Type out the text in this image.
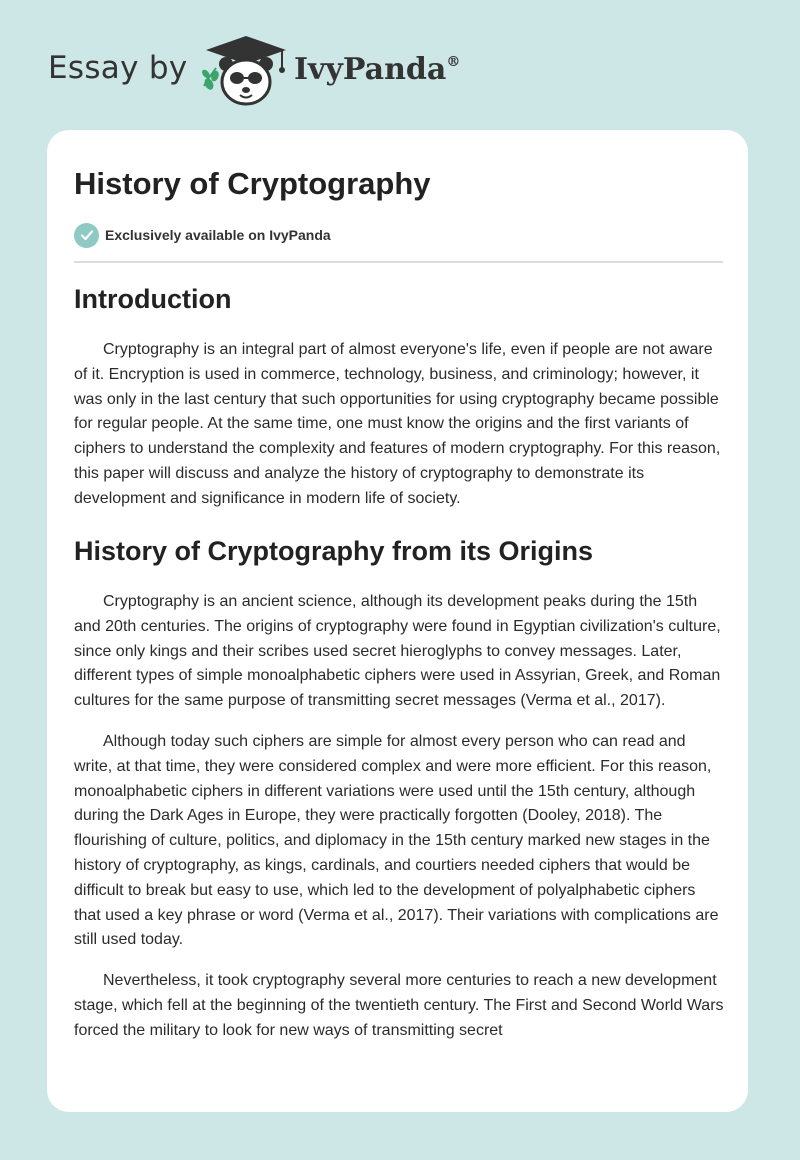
Essay by	IvyPanda®
History of Cryptography
Exclusively available on IvyPanda
Introduction

Cryptography is an integral part of almost everyone's life, even if people are not aware of it. Encryption is used in commerce, technology, business, and criminology; however, it was only in the last century that such opportunities for using cryptography became possible for regular people. At the same time, one must know the origins and the first variants of ciphers to understand the complexity and features of modern cryptography. For this reason, this paper will discuss and analyze the history of cryptography to demonstrate its development and significance in modern life of society.

History of Cryptography from its Origins

Cryptography is an ancient science, although its development peaks during the 15th and 20th centuries. The origins of cryptography were found in Egyptian civilization's culture, since only kings and their scribes used secret hieroglyphs to convey messages. Later, different types of simple monoalphabetic ciphers were used in Assyrian, Greek, and Roman cultures for the same purpose of transmitting secret messages (Verma et al., 2017).

Although today such ciphers are simple for almost every person who can read and write, at that time, they were considered complex and were more efficient. For this reason, monoalphabetic ciphers in different variations were used until the 15th century, although during the Dark Ages in Europe, they were practically forgotten (Dooley, 2018). The flourishing of culture, politics, and diplomacy in the 15th century marked new stages in the history of cryptography, as kings, cardinals, and courtiers needed ciphers that would be difficult to break but easy to use, which led to the development of polyalphabetic ciphers that used a key phrase or word (Verma et al., 2017). Their variations with complications are still used today.

Nevertheless, it took cryptography several more centuries to reach a new development stage, which fell at the beginning of the twentieth century. The First and Second World Wars forced the military to look for new ways of transmitting secret
